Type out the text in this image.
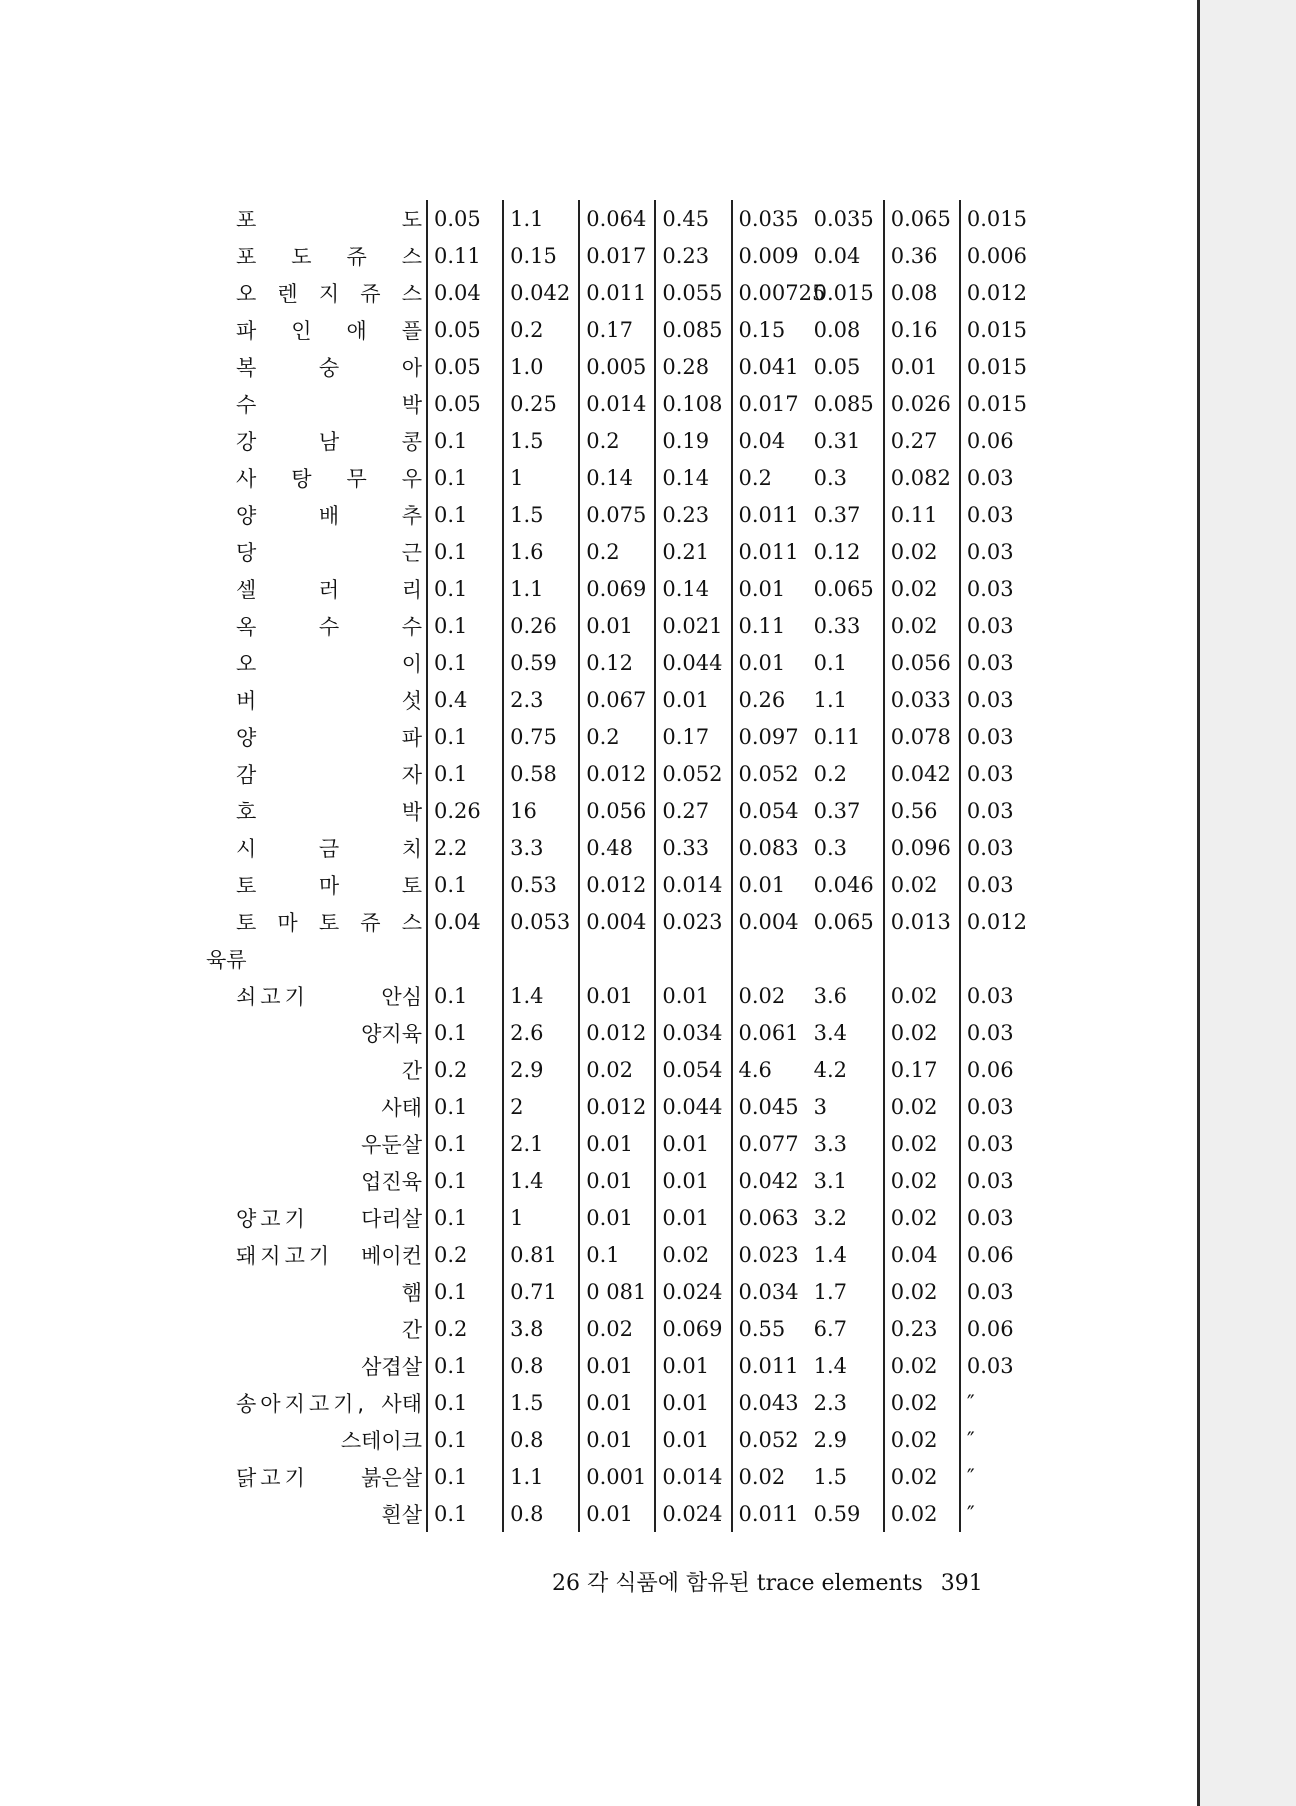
포 도	0.05	1.1	0.064	0.45	0.035	0.035	0.065	0.015

포 도 쥬 스	0.11	0.15	0.017	0.23	0.009	0.04	0.36	0.006

오 렌 지 쥬 스	0.04	0.042	0.011	0.055	0.00725	0.015	0.08	0.012

파 인 애 플	0.05	0.2	0.17	0.085	0.15	0.08	0.16	0.015

복 숭 아	0.05	1.0	0.005	0.28	0.041	0.05	0.01	0.015

수 박	0.05	0.25	0.014	0.108	0.017	0.085	0.026	0.015

강 남 콩	0.1	1.5	0.2	0.19	0.04	0.31	0.27	0.06

사 탕 무 우	0.1	1	0.14	0.14	0.2	0.3	0.082	0.03

양 배 추	0.1	1.5	0.075	0.23	0.011	0.37	0.11	0.03

당 근	0.1	1.6	0.2	0.21	0.011	0.12	0.02	0.03

셀 러 리	0.1	1.1	0.069	0.14	0.01	0.065	0.02	0.03

옥 수 수	0.1	0.26	0.01	0.021	0.11	0.33	0.02	0.03

오 이	0.1	0.59	0.12	0.044	0.01	0.1	0.056	0.03

버 섯	0.4	2.3	0.067	0.01	0.26	1.1	0.033	0.03

양 파	0.1	0.75	0.2	0.17	0.097	0.11	0.078	0.03

감 자	0.1	0.58	0.012	0.052	0.052	0.2	0.042	0.03

호 박	0.26	16	0.056	0.27	0.054	0.37	0.56	0.03

시 금 치	2.2	3.3	0.48	0.33	0.083	0.3	0.096	0.03

토 마 토	0.1	0.53	0.012	0.014	0.01	0.046	0.02	0.03

토 마 토 쥬 스	0.04	0.053	0.004	0.023	0.004	0.065	0.013	0.012
육류								

쇠고기 안심	0.1	1.4	0.01	0.01	0.02	3.6	0.02	0.03

양지육	0.1	2.6	0.012	0.034	0.061	3.4	0.02	0.03

간	0.2	2.9	0.02	0.054	4.6	4.2	0.17	0.06

사태	0.1	2	0.012	0.044	0.045	3	0.02	0.03

우둔살	0.1	2.1	0.01	0.01	0.077	3.3	0.02	0.03

업진육	0.1	1.4	0.01	0.01	0.042	3.1	0.02	0.03

양고기 다리살	0.1	1	0.01	0.01	0.063	3.2	0.02	0.03

돼지고기 베이컨	0.2	0.81	0.1	0.02	0.023	1.4	0.04	0.06

햄	0.1	0.71	0 081	0.024	0.034	1.7	0.02	0.03

간	0.2	3.8	0.02	0.069	0.55	6.7	0.23	0.06

삼겹살	0.1	0.8	0.01	0.01	0.011	1.4	0.02	0.03

송아지고기, 사태	0.1	1.5	0.01	0.01	0.043	2.3	0.02	″

스테이크	0.1	0.8	0.01	0.01	0.052	2.9	0.02	″

닭고기 붉은살	0.1	1.1	0.001	0.014	0.02	1.5	0.02	″

흰살	0.1	0.8	0.01	0.024	0.011	0.59	0.02	″
26 각 식품에 함유된 trace elements 391
